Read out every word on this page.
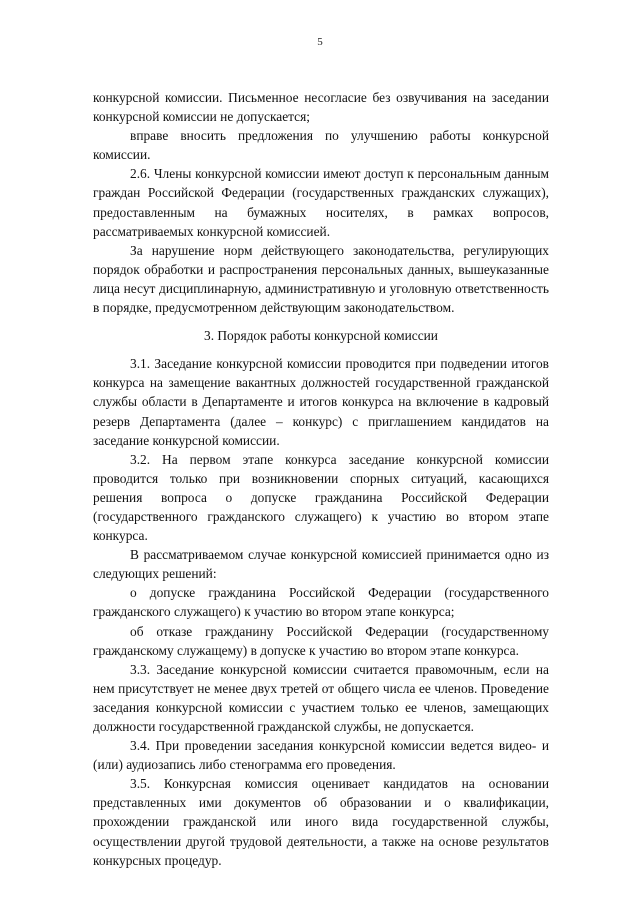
5

конкурсной комиссии. Письменное несогласие без озвучивания на заседании конкурсной комиссии не допускается;

вправе вносить предложения по улучшению работы конкурсной комиссии.

2.6. Члены конкурсной комиссии имеют доступ к персональным данным граждан Российской Федерации (государственных гражданских служащих), предоставленным на бумажных носителях, в рамках вопросов, рассматриваемых конкурсной комиссией.

За нарушение норм действующего законодательства, регулирующих порядок обработки и распространения персональных данных, вышеуказанные лица несут дисциплинарную, административную и уголовную ответственность в порядке, предусмотренном действующим законодательством.

3. Порядок работы конкурсной комиссии

3.1. Заседание конкурсной комиссии проводится при подведении итогов конкурса на замещение вакантных должностей государственной гражданской службы области в Департаменте и итогов конкурса на включение в кадровый резерв Департамента (далее – конкурс) с приглашением кандидатов на заседание конкурсной комиссии.

3.2. На первом этапе конкурса заседание конкурсной комиссии проводится только при возникновении спорных ситуаций, касающихся решения вопроса о допуске гражданина Российской Федерации (государственного гражданского служащего) к участию во втором этапе конкурса.

В рассматриваемом случае конкурсной комиссией принимается одно из следующих решений:

о допуске гражданина Российской Федерации (государственного гражданского служащего) к участию во втором этапе конкурса;

об отказе гражданину Российской Федерации (государственному гражданскому служащему) в допуске к участию во втором этапе конкурса.

3.3. Заседание конкурсной комиссии считается правомочным, если на нем присутствует не менее двух третей от общего числа ее членов. Проведение заседания конкурсной комиссии с участием только ее членов, замещающих должности государственной гражданской службы, не допускается.

3.4. При проведении заседания конкурсной комиссии ведется видео- и (или) аудиозапись либо стенограмма его проведения.

3.5. Конкурсная комиссия оценивает кандидатов на основании представленных ими документов об образовании и о квалификации, прохождении гражданской или иного вида государственной службы, осуществлении другой трудовой деятельности, а также на основе результатов конкурсных процедур.
